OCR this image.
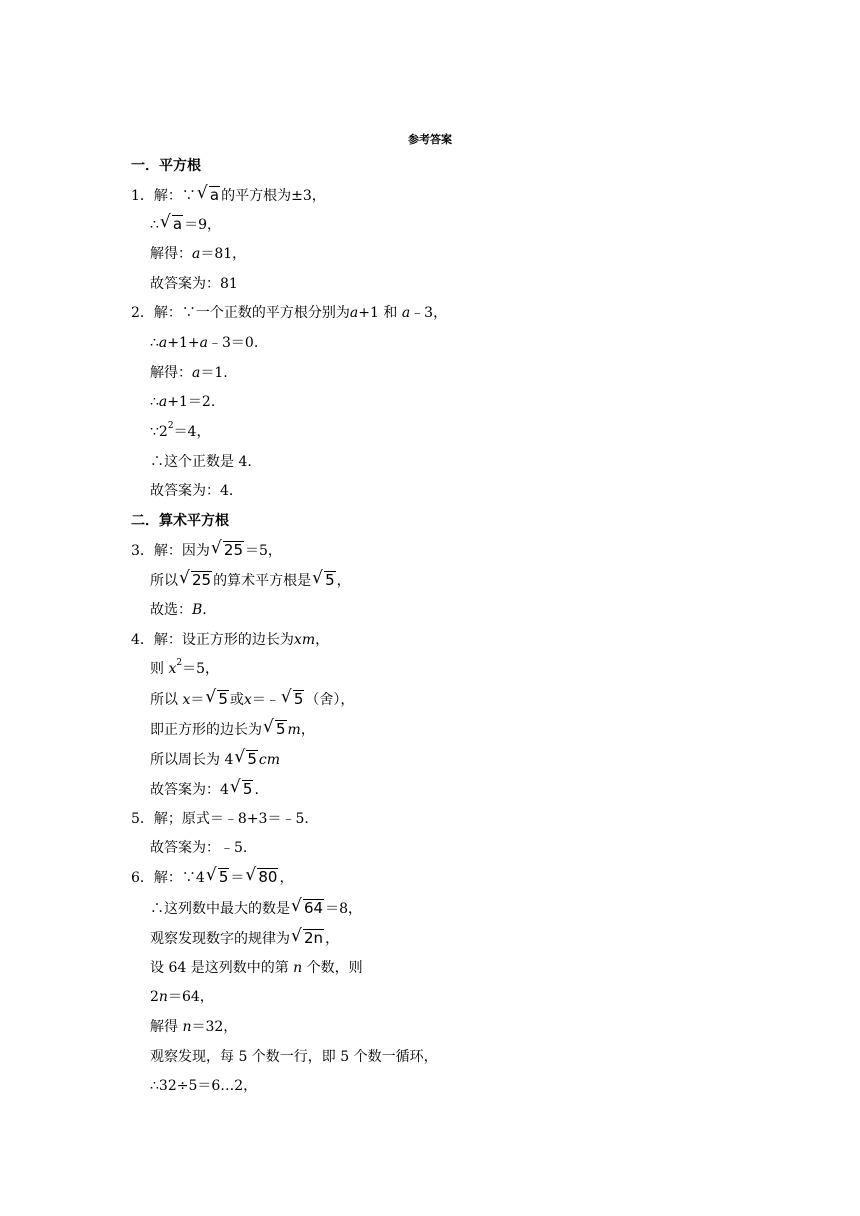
参考答案
一．平方根
1．解：∵ √ a 的平方根为±3，
∴ √ a ＝9，
解得：a＝81，
故答案为：81
2．解：∵一个正数的平方根分别为a+1 和 a﹣3，
∴a+1+a﹣3＝0.
解得：a＝1.
∴a+1＝2.
$\because 2^2=4$，
∴这个正数是 4.
故答案为：4.
二．算术平方根
3．解：因为 √ 25 ＝5，
所以 √ 25 的算术平方根是 √ 5 ，
故选：B.
4．解：设正方形的边长为xm，
则 $x^2=5$，
所以 x＝ √ 5 或x＝﹣ √ 5 （舍），
即正方形的边长为 √ 5 m，
所以周长为 4 √ 5 cm
故答案为：4 √ 5 .
5．解；原式＝﹣8+3＝﹣5.
故答案为：﹣5.
6．解：∵4 √ 5 ＝ √ 80 ，
∴这列数中最大的数是 √ 64 ＝8，
观察发现数字的规律为 √ 2n ，
设 64 是这列数中的第 n 个数，则
2n＝64，
解得 n＝32，
观察发现，每 5 个数一行，即 5 个数一循环，
∴32÷5＝6…2，
